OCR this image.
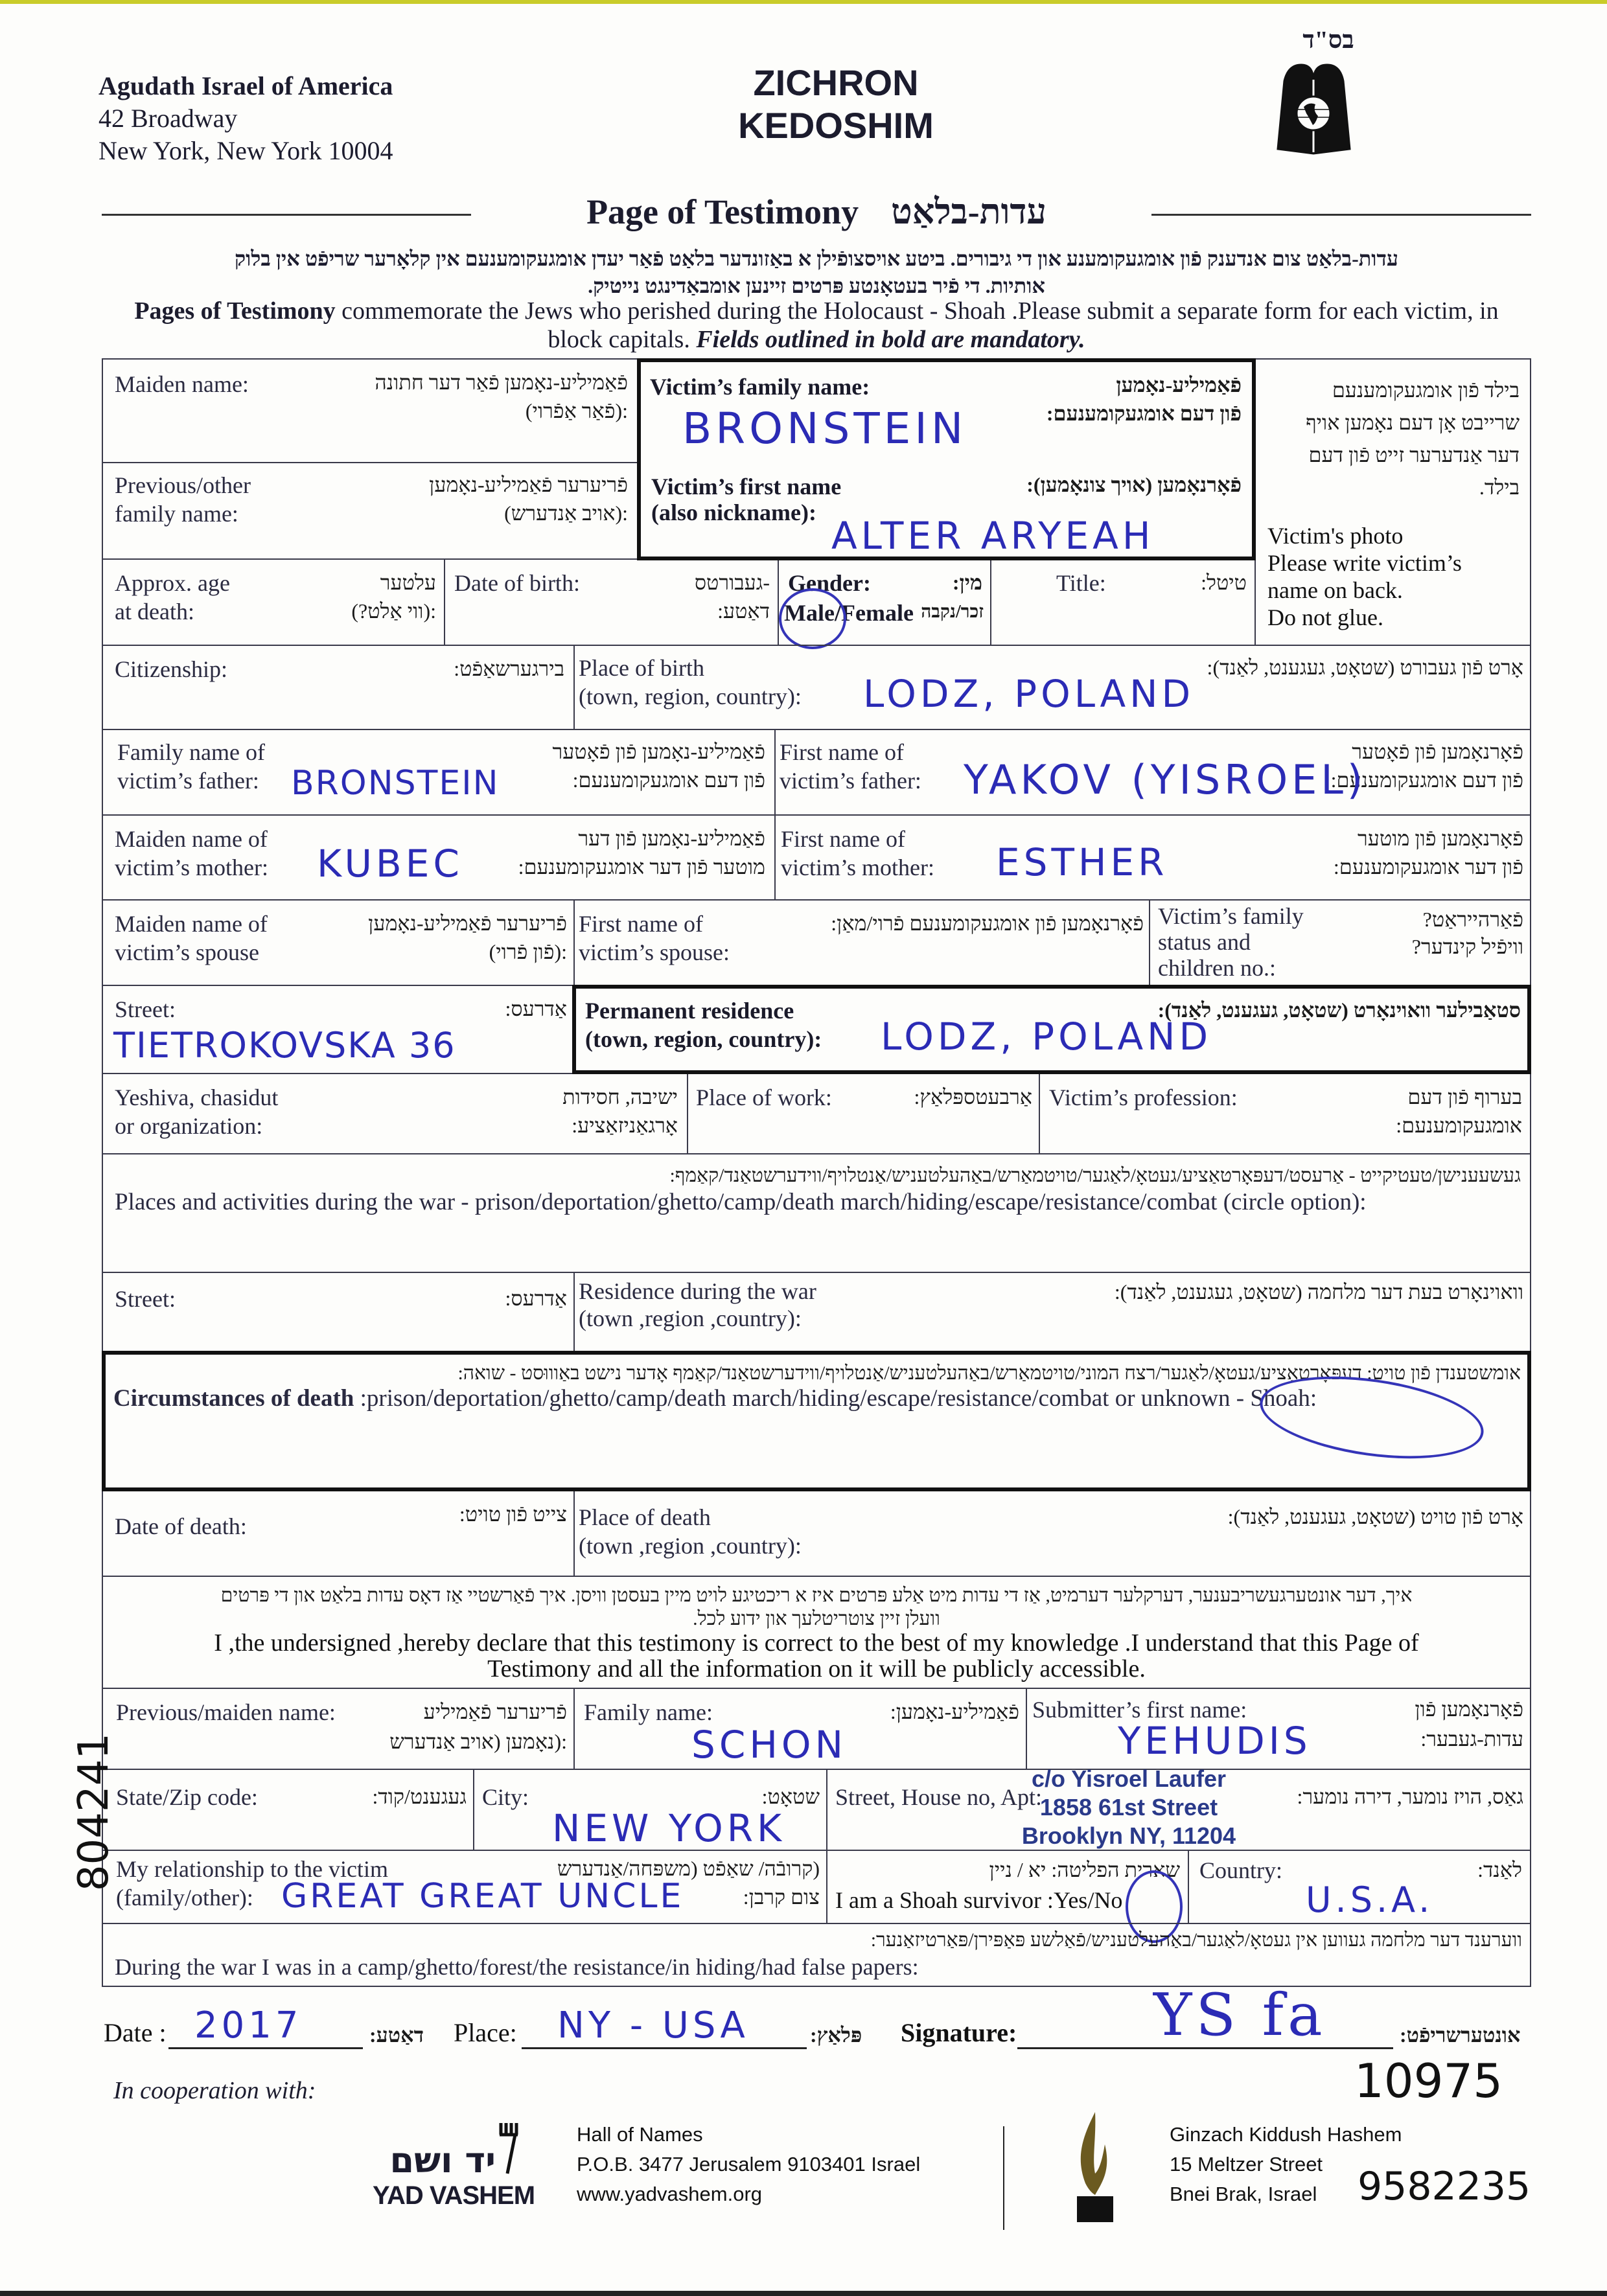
Agudath Israel of America
42 Broadway
New York, New York 10004
ZICHRON
KEDOSHIM
בס"ד
Page of Testimony עדות-בלאַט
עדות-בלאַט צום אנדענק פֿון אומגעקומענע און די גיבורים. ביטע אויסצופֿילן א באַזונדער בלאַט פֿאַר יעדן אומגעקומענעם אין קלאָרער שריפֿט אין בלוק
אותיות. די פֿיר בעטאָנטע פּרטים זיינען אומבאַדינגט נייטיק.
Pages of Testimony commemorate the Jews who perished during the Holocaust - Shoah .Please submit a separate form for each victim, in block capitals. Fields outlined in bold are mandatory.
Maiden name:	פֿאַמיליע-נאָמען פֿאַר דער חתונה
:(פֿאַר אַפֿרוי)
Victim’s family name:	פֿאַמיליע-נאָמען
פֿון דעם אומגעקומענעם:
BRONSTEIN
בילד פֿון אומגעקומענעם
שרייבט אָן דעם נאָמען אויף
דער אַנדערער זייט פֿון דעם
בילד.
Victim's photo
Please write victim’s
name on back.
Do not glue.
Previous/other
family name:
פֿריערער פֿאַמיליע-נאָמען
:(אויב אַנדערש)
Victim’s first name
(also nickname):
פֿאָרנאָמען (אויך צונאָמען):
ALTER ARYEAH
Approx. age
at death:
עלטער
:(ווי אַלט?)
Date of birth:	-געבורטס
דאַטע:
Gender:	מין:
Male/Female זכר/נקבה
Title:	טיטל:
Citizenship:	בירגערשאַפֿט: Place of birth
(town, region, country):
אָרט פֿון געבורט (שטאָט, געגענט, לאַנד):
LODZ, POLAND
Family name of
victim’s father:
פֿאַמיליע-נאָמען פֿון פֿאָטער
פֿון דעם אומגעקומענעם:
BRONSTEIN
First name of
victim’s father:
פֿאָרנאָמען פֿון פֿאָטער
פֿון דעם אומגעקומענעם:
YAKOV (YISROEL)
Maiden name of
victim’s mother:
פֿאַמיליע-נאָמען פֿון דער
מוטער פֿון דער אומגעקומענעם:
KUBEC
First name of
victim’s mother:
פֿאָרנאָמען פֿון מוטער
פֿון דער אומגעקומענעם:
ESTHER
Maiden name of
victim’s spouse
פֿריערער פֿאַמיליע-נאָמען
:(פֿון פֿרוי)
First name of
victim’s spouse:
פֿאָרנאָמען פֿון אומגעקומענעם פֿרוי/מאַן: Victim’s family
status and
children no.:
פֿאַרהייראַט?
וויפֿיל קינדער?
Street:	אַדרעס:
TIETROKOVSKA 36
Permanent residence
(town, region, country):
סטאַבילער וואוינאָרט (שטאָט, געגענט, לאַנד):
LODZ, POLAND
Yeshiva, chasidut
or organization:
ישיבה, חסידות
אָרגאַניזאַציע:
Place of work:	אַרבעטספּלאַץ: Victim’s profession:	בערוף פֿון דעם
אומגעקומענעם:
געשעענישן/טעטיקייט - אַרעסט/דעפּאָרטאַציע/געטאָ/לאַגער/טויטמאַרש/באַהעלטעניש/אַנטלויף/ווידערשטאַנד/קאַמף:
Places and activities during the war - prison/deportation/ghetto/camp/death march/hiding/escape/resistance/combat (circle option):
Street:	אַדרעס: Residence during the war
(town ,region ,country):
וואוינאָרט בעת דער מלחמה (שטאָט, געגענט, לאַנד):
אומשטענדן פֿון טויט: דעפּאָרטאַציע/געטאָ/לאַגער/רצח המוני/טויטמאַרש/באַהעלטעניש/אַנטלויף/ווידערשטאַנד/קאַמף אָדער נישט באַוווּסט - שואה:
Circumstances of death :prison/deportation/ghetto/camp/death march/hiding/escape/resistance/combat or unknown - Shoah:
Date of death:	צייט פֿון טויט: Place of death
(town ,region ,country):
אָרט פֿון טויט (שטאָט, געגענט, לאַנד):
איך, דער אונטערגעשריבענער, דערקלער דערמיט, אַז די עדות מיט אַלע פּרטים איז א ריכטיגע לויט מיין בעסטן וויסן. איך פֿאַרשטיי אַז דאָס עדות בלאַט און די פּרטים
וועלן זיין צוטריטלעך און ידוע לכל.
I ,the undersigned ,hereby declare that this testimony is correct to the best of my knowledge .I understand that this Page of
Testimony and all the information on it will be publicly accessible.
Previous/maiden name:	פֿריערער פֿאַמיליע
:(נאָמען (אויב אַנדערש
Family name:	פֿאַמיליע-נאָמען:
SCHON
Submitter’s first name:	פֿאָרנאָמען פֿון
עדות-געבער:
YEHUDIS
State/Zip code:	געגענט/קוד: City:	שטאָט:
NEW YORK
Street, House no, Apt:	גאַס, הויז נומער, דירה נומער:
c/o Yisroel Laufer
1858 61st Street
Brooklyn NY, 11204
My relationship to the victim
(family/other):
(קרובֿה/ שאַפֿט (משפּחה/אַנדערש
צום קרבן:
GREAT GREAT UNCLE
שארית הפליטה: יא / ניין
I am a Shoah survivor :Yes/No
Country:	לאַנד:
U.S.A.
ווערענד דער מלחמה געווען אין געטאָ/לאַגער/באַהעלטעניש/פֿאַלשע פּאַפּירן/פּאַרטיזאַנער:
During the war I was in a camp/ghetto/forest/the resistance/in hiding/had false papers:
Date : 2017	דאַטע: Place: NY - USA	פּלאַץ: Signature: YS fa	אונטערשריפֿט:
804241
10975
9582235
In cooperation with:
יד ושם
YAD VASHEM
Hall of Names
P.O.B. 3477 Jerusalem 9103401 Israel
www.yadvashem.org
Ginzach Kiddush Hashem
15 Meltzer Street
Bnei Brak, Israel
